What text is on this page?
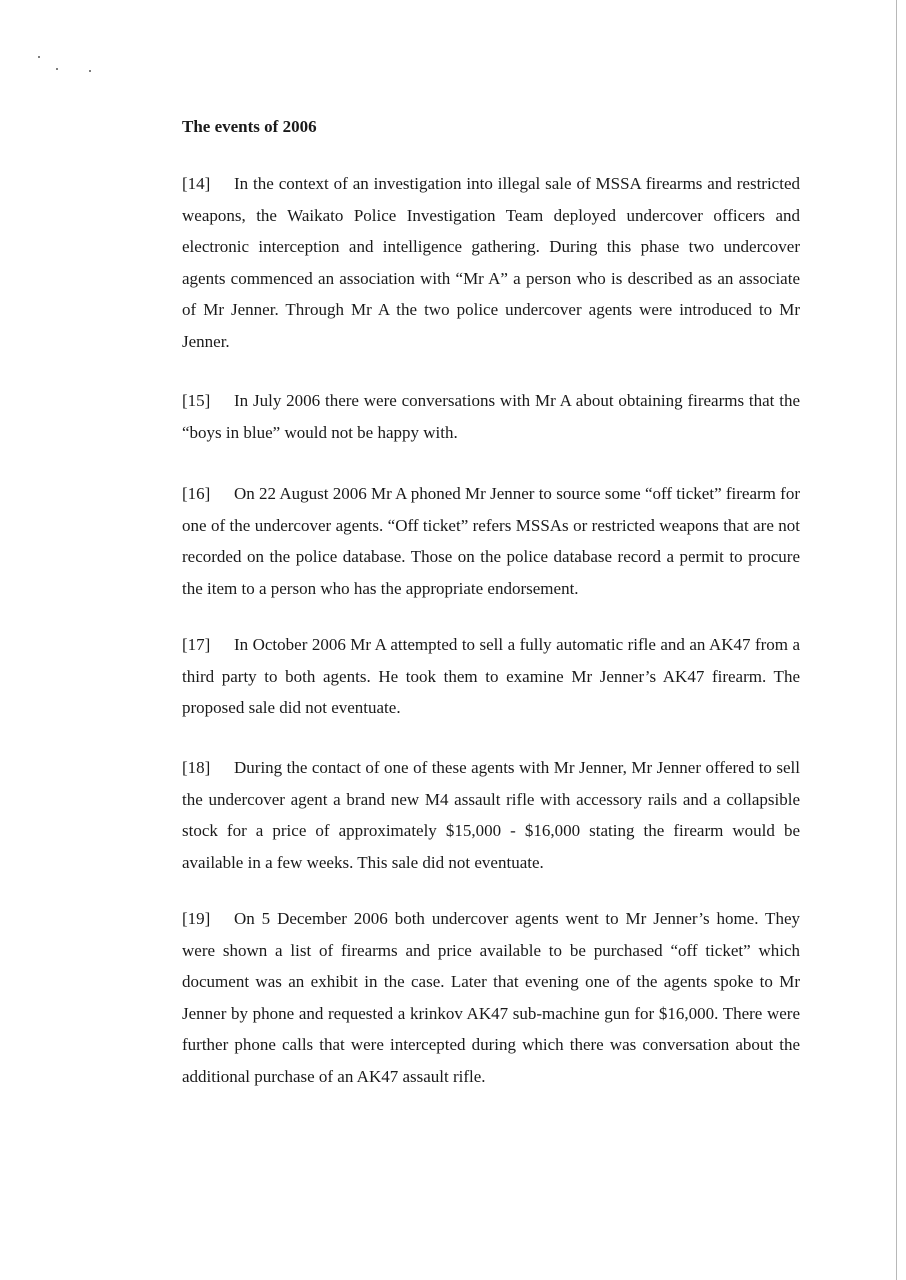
The events of 2006

[14] In the context of an investigation into illegal sale of MSSA firearms and restricted weapons, the Waikato Police Investigation Team deployed undercover officers and electronic interception and intelligence gathering. During this phase two undercover agents commenced an association with “Mr A” a person who is described as an associate of Mr Jenner. Through Mr A the two police undercover agents were introduced to Mr Jenner.

[15] In July 2006 there were conversations with Mr A about obtaining firearms that the “boys in blue” would not be happy with.

[16] On 22 August 2006 Mr A phoned Mr Jenner to source some “off ticket” firearm for one of the undercover agents. “Off ticket” refers MSSAs or restricted weapons that are not recorded on the police database. Those on the police database record a permit to procure the item to a person who has the appropriate endorsement.

[17] In October 2006 Mr A attempted to sell a fully automatic rifle and an AK47 from a third party to both agents. He took them to examine Mr Jenner’s AK47 firearm. The proposed sale did not eventuate.

[18] During the contact of one of these agents with Mr Jenner, Mr Jenner offered to sell the undercover agent a brand new M4 assault rifle with accessory rails and a collapsible stock for a price of approximately $15,000 - $16,000 stating the firearm would be available in a few weeks. This sale did not eventuate.

[19] On 5 December 2006 both undercover agents went to Mr Jenner’s home. They were shown a list of firearms and price available to be purchased “off ticket” which document was an exhibit in the case. Later that evening one of the agents spoke to Mr Jenner by phone and requested a krinkov AK47 sub-machine gun for $16,000. There were further phone calls that were intercepted during which there was conversation about the additional purchase of an AK47 assault rifle.
